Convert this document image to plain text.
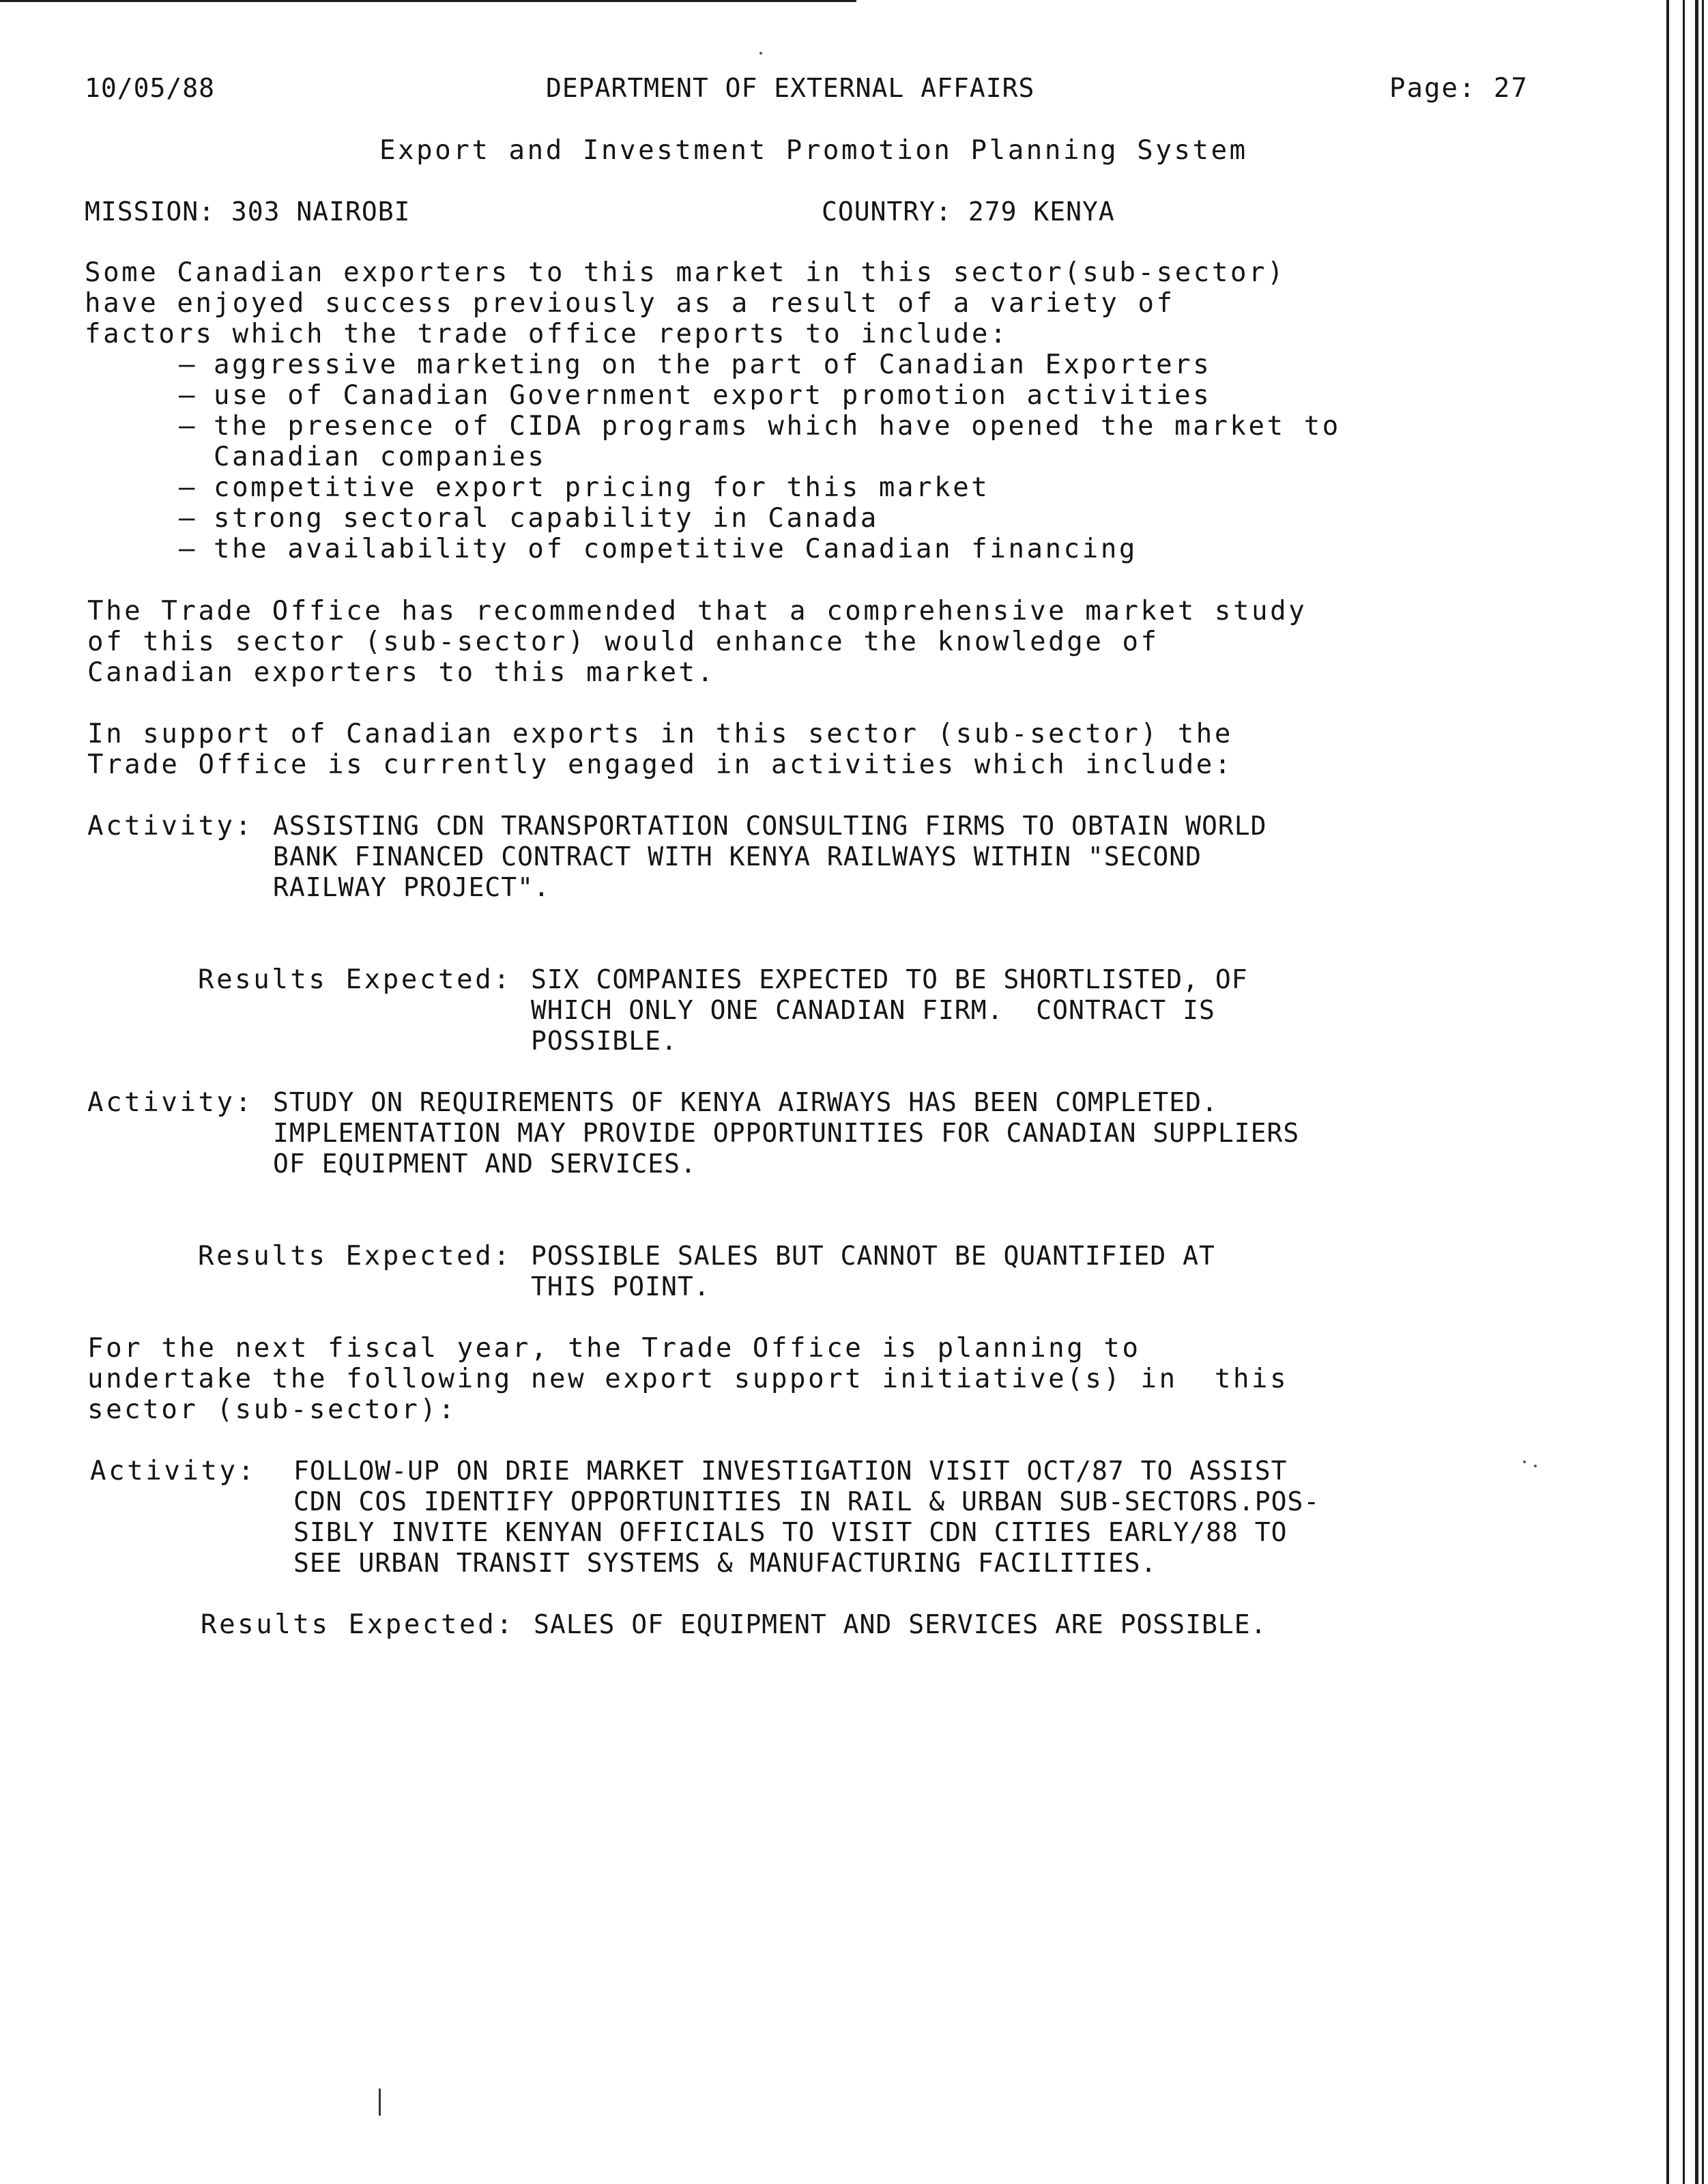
10/05/88	DEPARTMENT OF EXTERNAL AFFAIRS	Page: 27
Export and Investment Promotion Planning System
MISSION: 303 NAIROBI	COUNTRY: 279 KENYA
Some Canadian exporters to this market in this sector(sub-sector)
have enjoyed success previously as a result of a variety of
factors which the trade office reports to include:
– aggressive marketing on the part of Canadian Exporters
– use of Canadian Government export promotion activities
– the presence of CIDA programs which have opened the market to
Canadian companies
– competitive export pricing for this market
– strong sectoral capability in Canada
– the availability of competitive Canadian financing
The Trade Office has recommended that a comprehensive market study
of this sector (sub-sector) would enhance the knowledge of
Canadian exporters to this market.
In support of Canadian exports in this sector (sub-sector) the
Trade Office is currently engaged in activities which include:
Activity: ASSISTING CDN TRANSPORTATION CONSULTING FIRMS TO OBTAIN WORLD
BANK FINANCED CONTRACT WITH KENYA RAILWAYS WITHIN "SECOND
RAILWAY PROJECT".
Results Expected: SIX COMPANIES EXPECTED TO BE SHORTLISTED, OF
WHICH ONLY ONE CANADIAN FIRM.  CONTRACT IS
POSSIBLE.
Activity: STUDY ON REQUIREMENTS OF KENYA AIRWAYS HAS BEEN COMPLETED.
IMPLEMENTATION MAY PROVIDE OPPORTUNITIES FOR CANADIAN SUPPLIERS
OF EQUIPMENT AND SERVICES.
Results Expected: POSSIBLE SALES BUT CANNOT BE QUANTIFIED AT
THIS POINT.
For the next fiscal year, the Trade Office is planning to
undertake the following new export support initiative(s) in  this
sector (sub-sector):
Activity: FOLLOW-UP ON DRIE MARKET INVESTIGATION VISIT OCT/87 TO ASSIST
CDN COS IDENTIFY OPPORTUNITIES IN RAIL & URBAN SUB-SECTORS.POS-
SIBLY INVITE KENYAN OFFICIALS TO VISIT CDN CITIES EARLY/88 TO
SEE URBAN TRANSIT SYSTEMS & MANUFACTURING FACILITIES.
Results Expected: SALES OF EQUIPMENT AND SERVICES ARE POSSIBLE.
